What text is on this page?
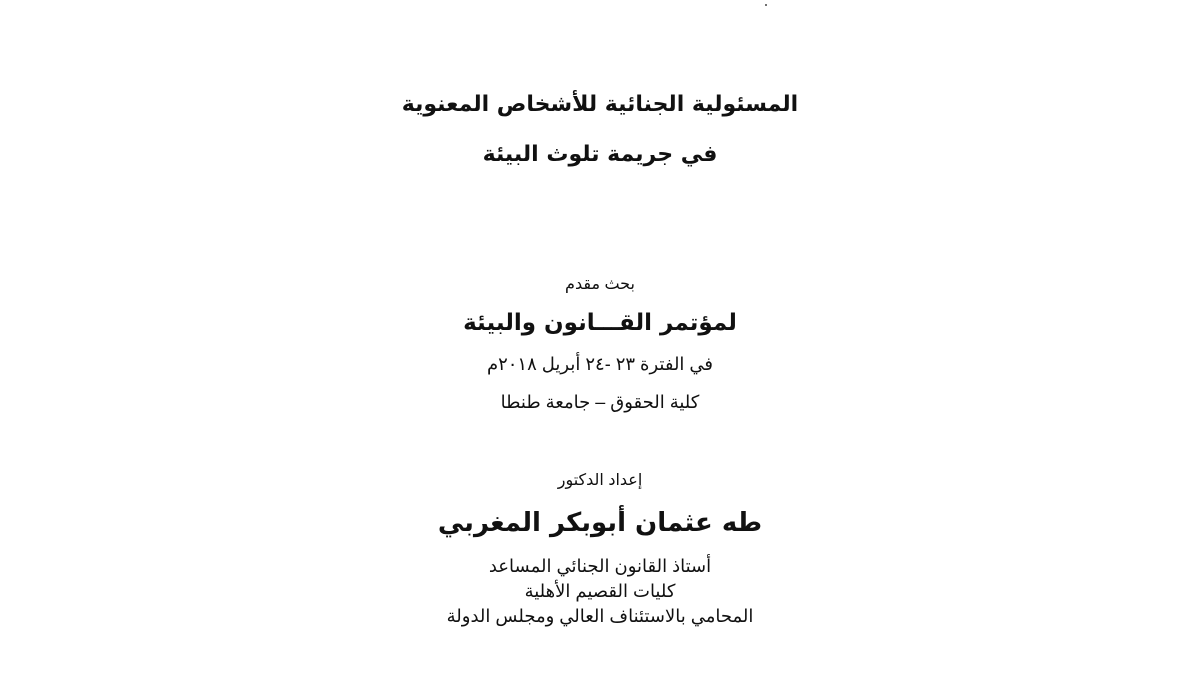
المسئولية الجنائية للأشخاص المعنوية
في جريمة تلوث البيئة
بحث مقدم
لمؤتمر القـــانون والبيئة
في الفترة ٢٣ -٢٤ أبريل ٢٠١٨م
كلية الحقوق – جامعة طنطا
إعداد الدكتور
طه عثمان أبوبكر المغربي
أستاذ القانون الجنائي المساعد
كليات القصيم الأهلية
المحامي بالاستئناف العالي ومجلس الدولة
